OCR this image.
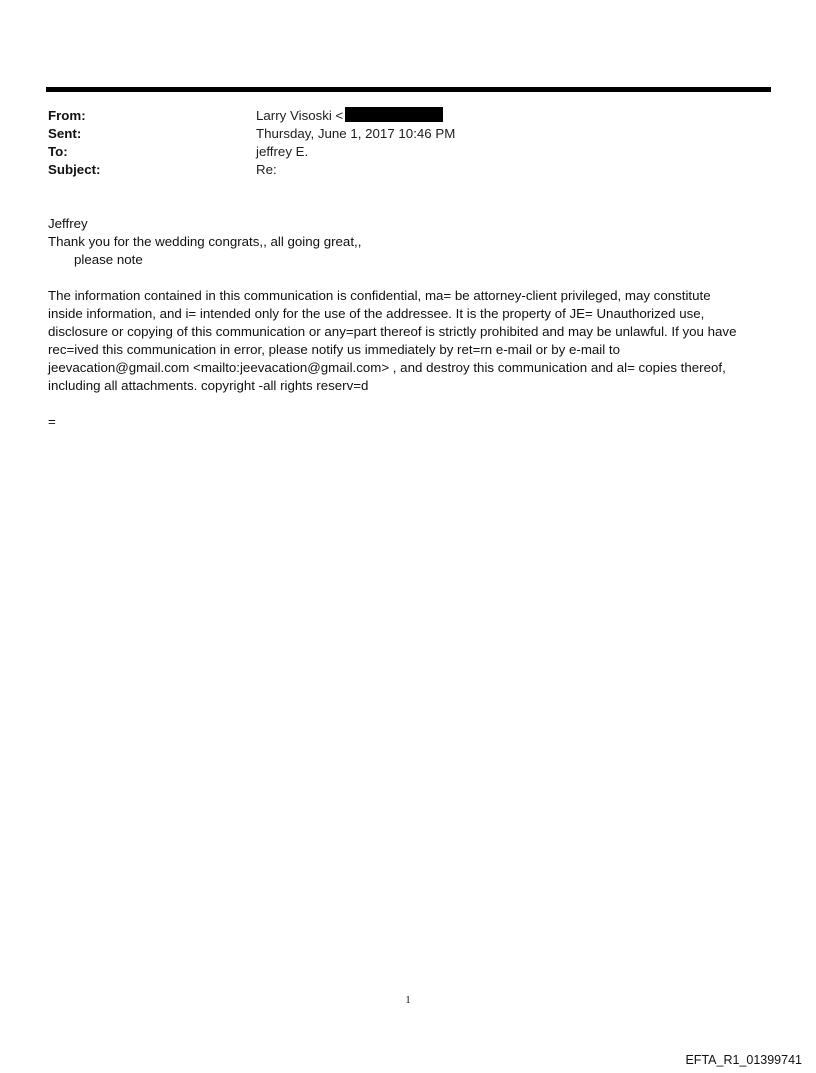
From:	Larry Visoski <
Sent:	Thursday, June 1, 2017 10:46 PM
To:	jeffrey E.
Subject:	Re:

Jeffrey

Thank you for the wedding congrats,, all going great,,

please note

The information contained in this communication is confidential, ma= be attorney-client privileged, may constitute

inside information, and i= intended only for the use of the addressee. It is the property of JE= Unauthorized use,

disclosure or copying of this communication or any=part thereof is strictly prohibited and may be unlawful. If you have

rec=ived this communication in error, please notify us immediately by ret=rn e-mail or by e-mail to

jeevacation@gmail.com <mailto:jeevacation@gmail.com> , and destroy this communication and al= copies thereof,

including all attachments. copyright -all rights reserv=d

=

1
EFTA_R1_01399741
